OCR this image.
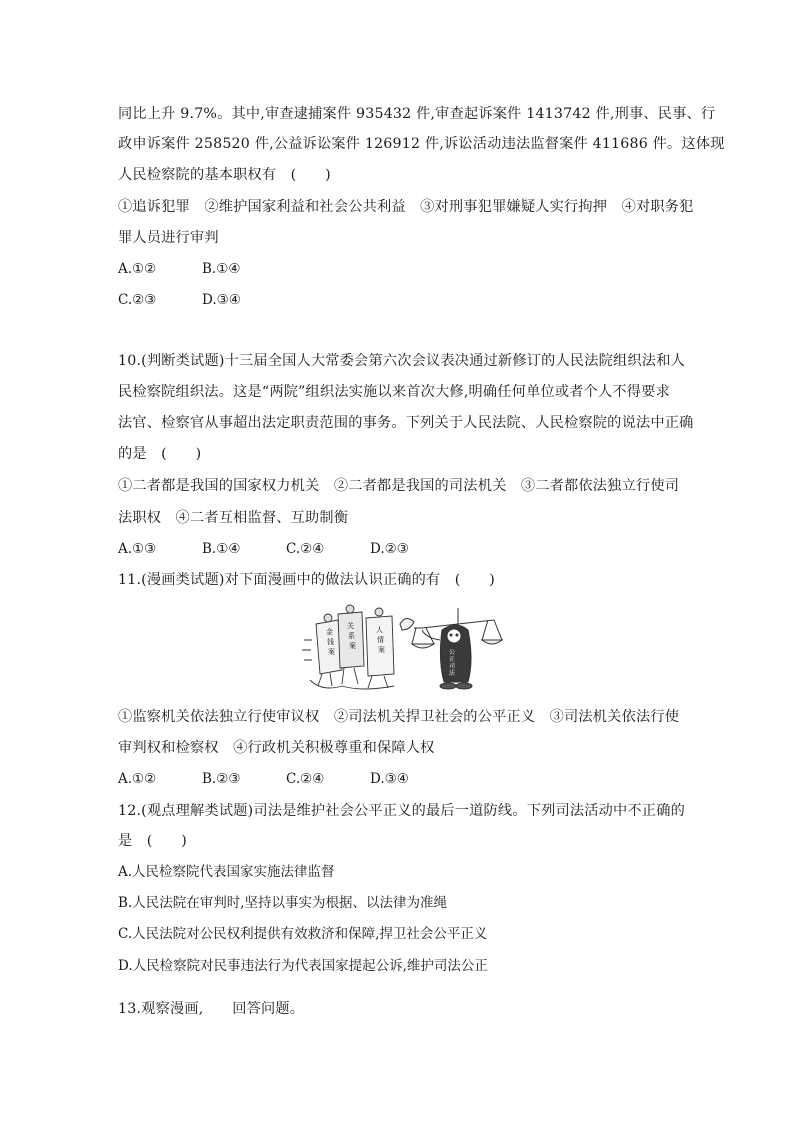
同比上升 9.7%。其中,审查逮捕案件 935432 件,审查起诉案件 1413742 件,刑事、民事、行
政申诉案件 258520 件,公益诉讼案件 126912 件,诉讼活动违法监督案件 411686 件。这体现
人民检察院的基本职权有　(　　)
①追诉犯罪　②维护国家利益和社会公共利益　③对刑事犯罪嫌疑人实行拘押　④对职务犯
罪人员进行审判
A.①②	B.①④
C.②③	D.③④
10.(判断类试题)十三届全国人大常委会第六次会议表决通过新修订的人民法院组织法和人
民检察院组织法。这是“两院”组织法实施以来首次大修,明确任何单位或者个人不得要求
法官、检察官从事超出法定职责范围的事务。下列关于人民法院、人民检察院的说法中正确
的是　(　　)
①二者都是我国的国家权力机关　②二者都是我国的司法机关　③二者都依法独立行使司
法职权　④二者互相监督、互助制衡
A.①③	B.①④	C.②④	D.②③
11.(漫画类试题)对下面漫画中的做法认识正确的有　(　　)
金
钱
案
关
系
案
人
情
案	公
正
司
法
①监察机关依法独立行使审议权　②司法机关捍卫社会的公平正义　③司法机关依法行使
审判权和检察权　④行政机关积极尊重和保障人权
A.①②	B.②③	C.②④	D.③④
12.(观点理解类试题)司法是维护社会公平正义的最后一道防线。下列司法活动中不正确的
是　(　　)
A.人民检察院代表国家实施法律监督
B.人民法院在审判时,坚持以事实为根据、以法律为准绳
C.人民法院对公民权利提供有效救济和保障,捍卫社会公平正义
D.人民检察院对民事违法行为代表国家提起公诉,维护司法公正
13.观察漫画,　　回答问题。
